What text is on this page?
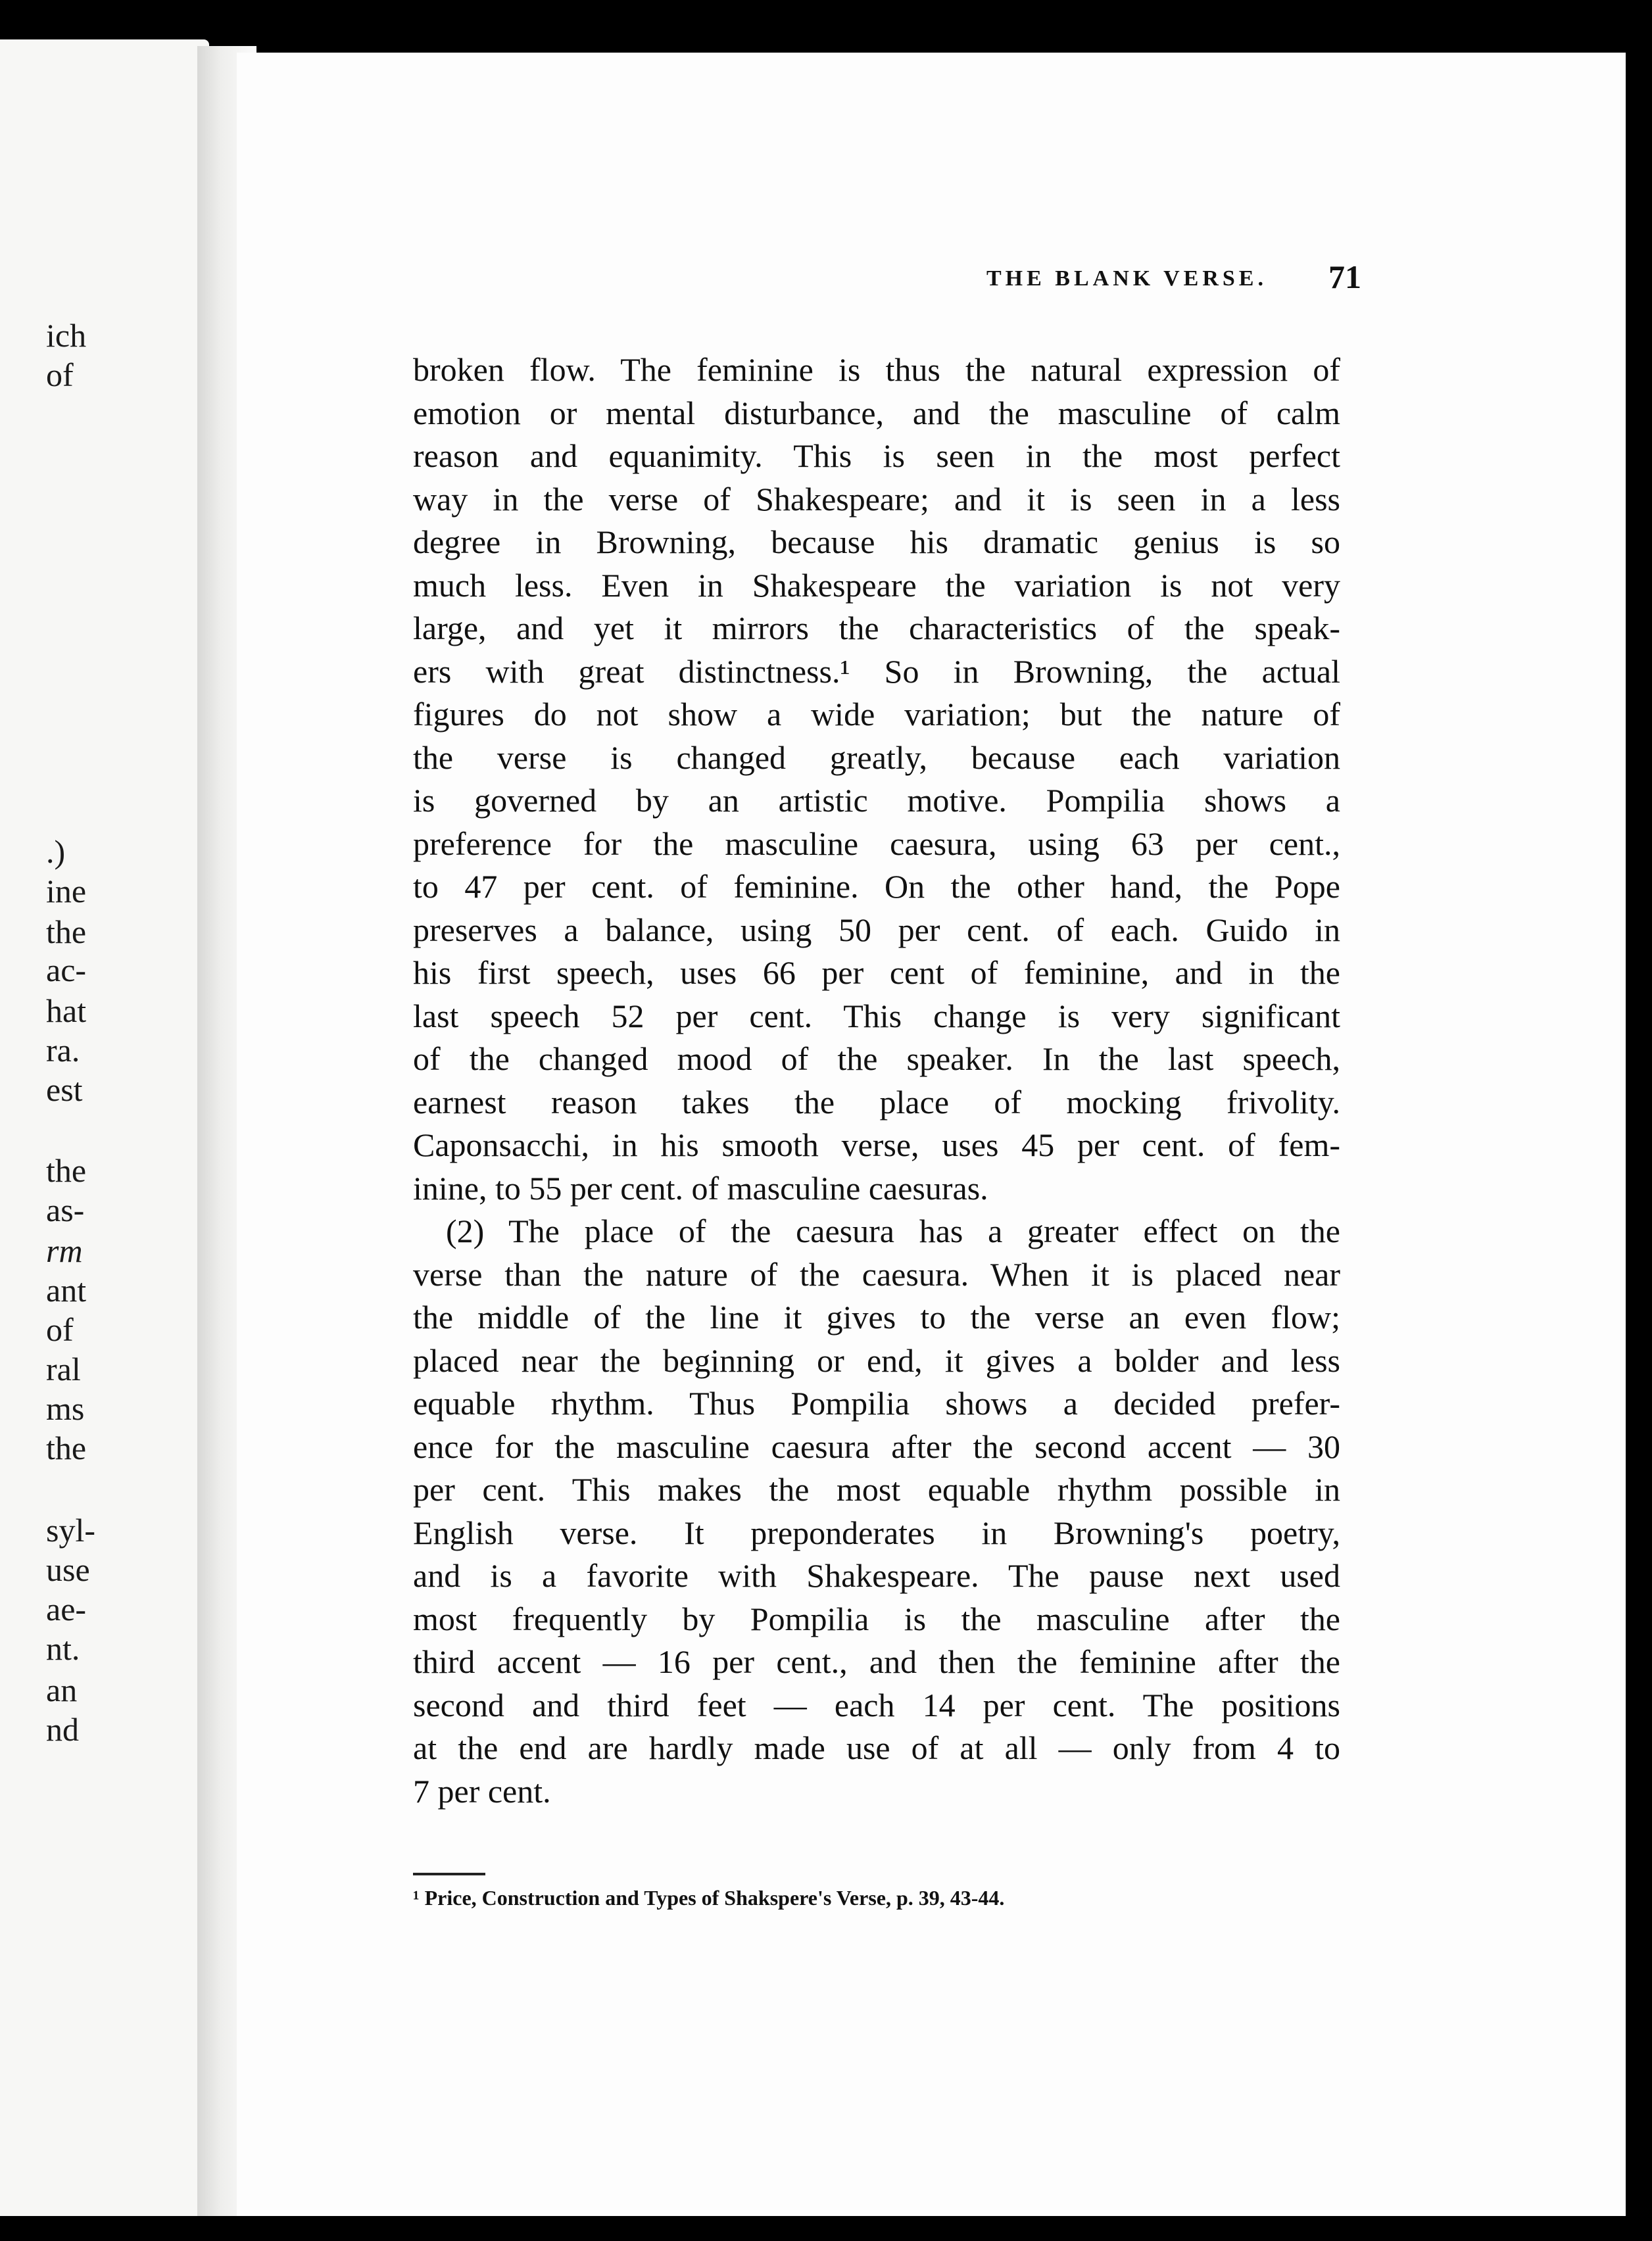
ich
of
.)
ine
the
ac-
hat
ra.
est
the
as-
rm
ant
of
ral
ms
the
syl-
use
ae-
nt.
an
nd
THE BLANK VERSE. 71
broken flow. The feminine is thus the natural expression of
emotion or mental disturbance, and the masculine of calm
reason and equanimity. This is seen in the most perfect
way in the verse of Shakespeare; and it is seen in a less
degree in Browning, because his dramatic genius is so
much less. Even in Shakespeare the variation is not very
large, and yet it mirrors the characteristics of the speak-
ers with great distinctness.¹ So in Browning, the actual
figures do not show a wide variation; but the nature of
the verse is changed greatly, because each variation
is governed by an artistic motive. Pompilia shows a
preference for the masculine caesura, using 63 per cent.,
to 47 per cent. of feminine. On the other hand, the Pope
preserves a balance, using 50 per cent. of each. Guido in
his first speech, uses 66 per cent of feminine, and in the
last speech 52 per cent. This change is very significant
of the changed mood of the speaker. In the last speech,
earnest reason takes the place of mocking frivolity.
Caponsacchi, in his smooth verse, uses 45 per cent. of fem-
inine, to 55 per cent. of masculine caesuras.
(2) The place of the caesura has a greater effect on the
verse than the nature of the caesura. When it is placed near
the middle of the line it gives to the verse an even flow;
placed near the beginning or end, it gives a bolder and less
equable rhythm. Thus Pompilia shows a decided prefer-
ence for the masculine caesura after the second accent — 30
per cent. This makes the most equable rhythm possible in
English verse. It preponderates in Browning's poetry,
and is a favorite with Shakespeare. The pause next used
most frequently by Pompilia is the masculine after the
third accent — 16 per cent., and then the feminine after the
second and third feet — each 14 per cent. The positions
at the end are hardly made use of at all — only from 4 to
7 per cent.
¹ Price, Construction and Types of Shakspere's Verse, p. 39, 43-44.
